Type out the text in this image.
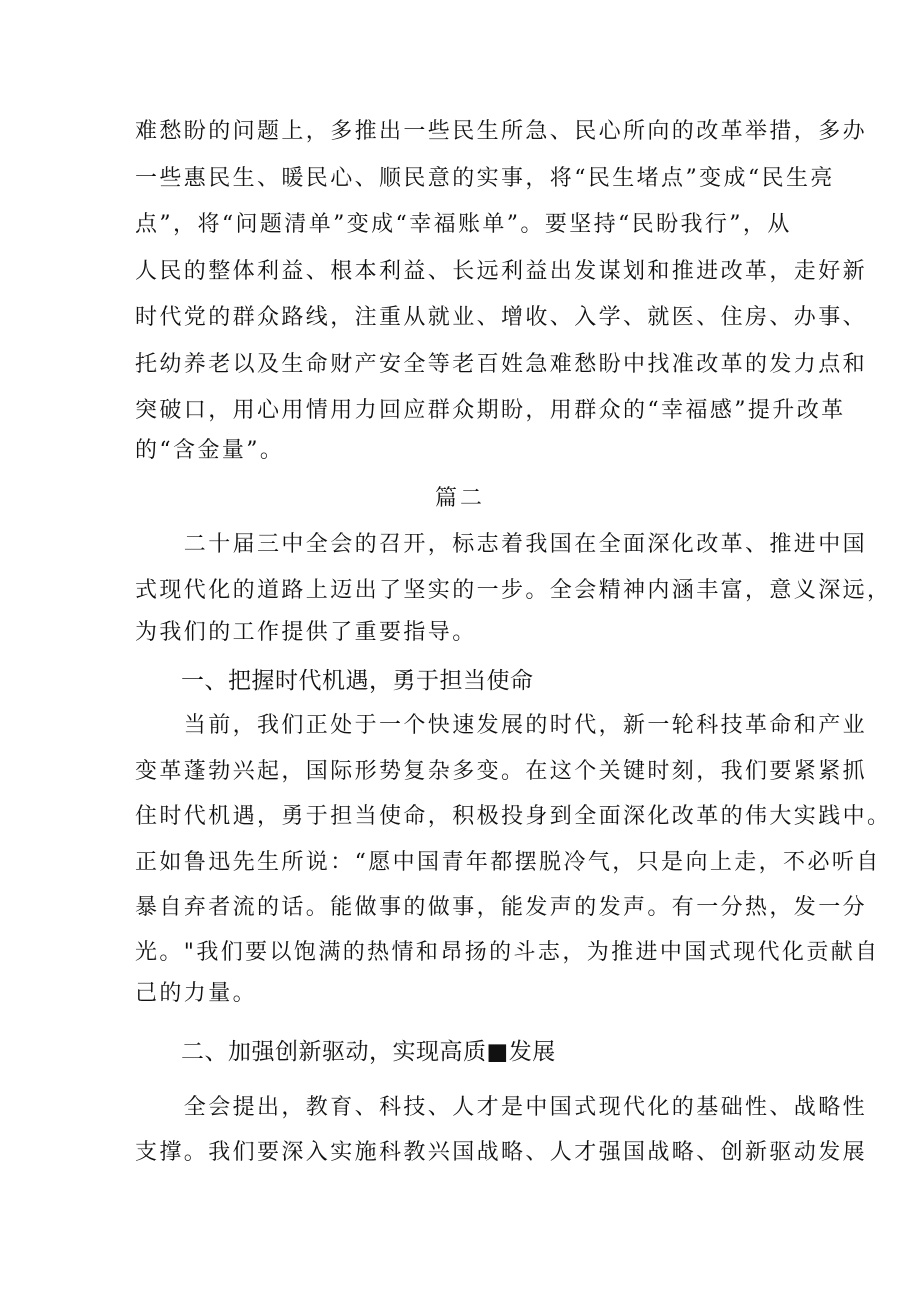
难愁盼的问题上，多推出一些民生所急、民心所向的改革举措，多办
一些惠民生、暖民心、顺民意的实事，将“民生堵点”变成“民生亮
点”，将“问题清单”变成“幸福账单”。要坚持“民盼我行”，从
人民的整体利益、根本利益、长远利益出发谋划和推进改革，走好新
时代党的群众路线，注重从就业、增收、入学、就医、住房、办事、
托幼养老以及生命财产安全等老百姓急难愁盼中找准改革的发力点和
突破口，用心用情用力回应群众期盼，用群众的“幸福感”提升改革
的“含金量”。
篇二
　　二十届三中全会的召开，标志着我国在全面深化改革、推进中国
式现代化的道路上迈出了坚实的一步。全会精神内涵丰富，意义深远，
为我们的工作提供了重要指导。
一、把握时代机遇，勇于担当使命
　　当前，我们正处于一个快速发展的时代，新一轮科技革命和产业
变革蓬勃兴起，国际形势复杂多变。在这个关键时刻，我们要紧紧抓
住时代机遇，勇于担当使命，积极投身到全面深化改革的伟大实践中。
正如鲁迅先生所说：“愿中国青年都摆脱冷气，只是向上走，不必听自
暴自弃者流的话。能做事的做事，能发声的发声。有一分热，发一分
光。"我们要以饱满的热情和昂扬的斗志，为推进中国式现代化贡献自
己的力量。
二、加强创新驱动，实现高质■发展
　　全会提出，教育、科技、人才是中国式现代化的基础性、战略性
支撑。我们要深入实施科教兴国战略、人才强国战略、创新驱动发展
